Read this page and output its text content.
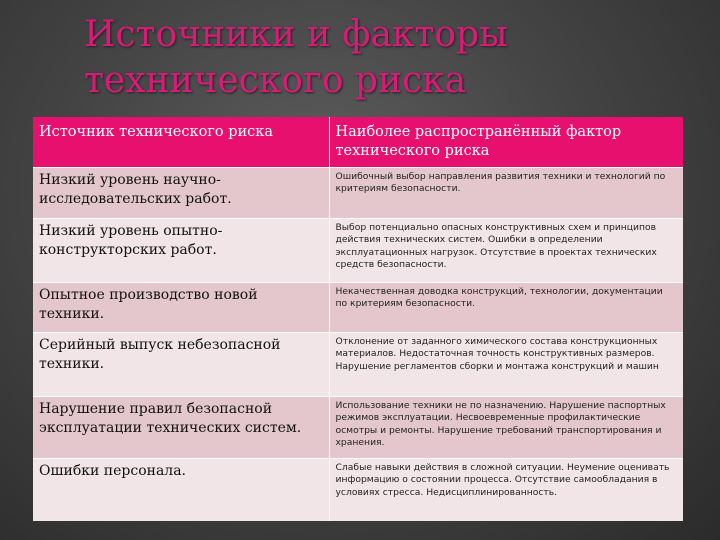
Источники и факторы технического риска
Источник технического риска	Наиболее распространённый фактор технического риска
Низкий уровень научно-исследовательских работ.	Ошибочный выбор направления развития техники и технологий по критериям безопасности.
Низкий уровень опытно-конструкторских работ.	Выбор потенциально опасных конструктивных схем и принципов действия технических систем. Ошибки в определении эксплуатационных нагрузок. Отсутствие в проектах технических средств безопасности.
Опытное производство новой техники.	Некачественная доводка конструкций, технологии, документации по критериям безопасности.
Серийный выпуск небезопасной техники.	Отклонение от заданного химического состава конструкционных материалов. Недостаточная точность конструктивных размеров. Нарушение регламентов сборки и монтажа конструкций и машин
Нарушение правил безопасной эксплуатации технических систем.	Использование техники не по назначению. Нарушение паспортных режимов эксплуатации. Несвоевременные профилактические осмотры и ремонты. Нарушение требований транспортирования и хранения.
Ошибки персонала.	Слабые навыки действия в сложной ситуации. Неумение оценивать информацию о состоянии процесса. Отсутствие самообладания в условиях стресса. Недисциплинированность.
